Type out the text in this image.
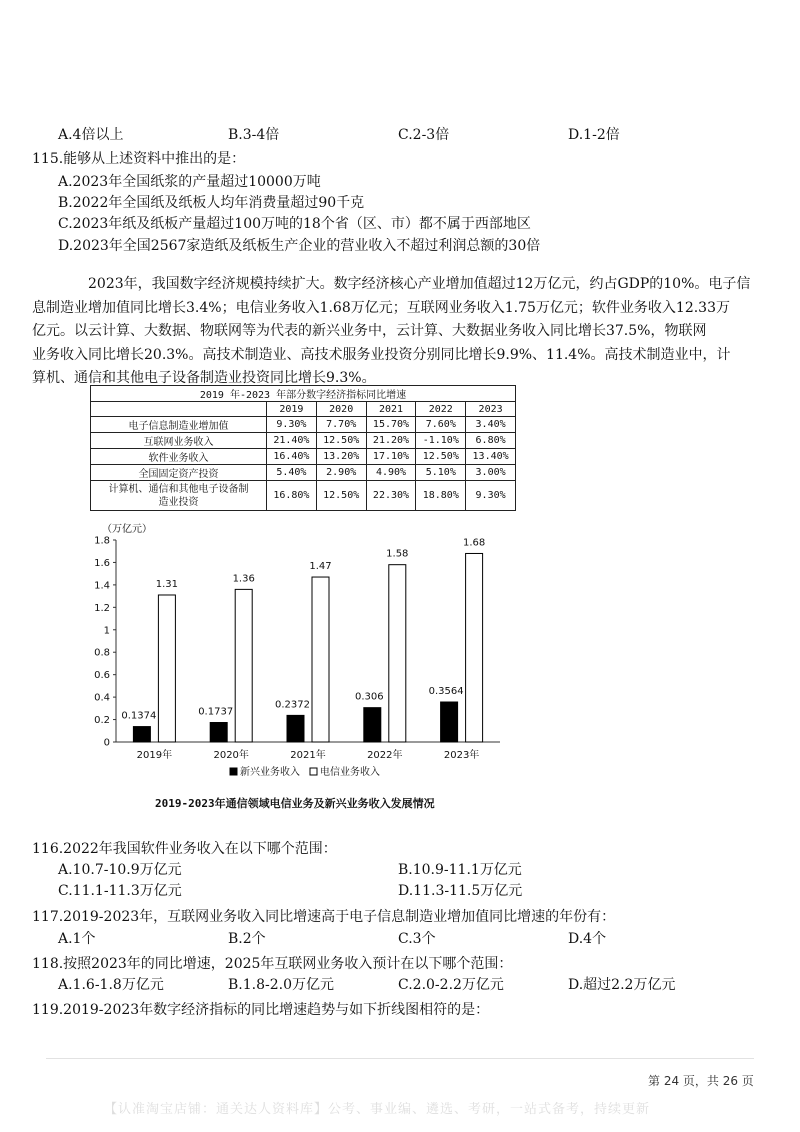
A.4倍以上	B.3-4倍	C.2-3倍	D.1-2倍
115.能够从上述资料中推出的是：
A.2023年全国纸浆的产量超过10000万吨
B.2022年全国纸及纸板人均年消费量超过90千克
C.2023年纸及纸板产量超过100万吨的18个省（区、市）都不属于西部地区
D.2023年全国2567家造纸及纸板生产企业的营业收入不超过利润总额的30倍
2023年，我国数字经济规模持续扩大。数字经济核心产业增加值超过12万亿元，约占GDP的10%。电子信
息制造业增加值同比增长3.4%；电信业务收入1.68万亿元；互联网业务收入1.75万亿元；软件业务收入12.33万
亿元。以云计算、大数据、物联网等为代表的新兴业务中，云计算、大数据业务收入同比增长37.5%，物联网
业务收入同比增长20.3%。高技术制造业、高技术服务业投资分别同比增长9.9%、11.4%。高技术制造业中，计
算机、通信和其他电子设备制造业投资同比增长9.3%。
2019 年-2023 年部分数字经济指标同比增速					
	2019	2020	2021	2022	2023
电子信息制造业增加值	9.30%	7.70%	15.70%	7.60%	3.40%
互联网业务收入	21.40%	12.50%	21.20%	-1.10%	6.80%
软件业务收入	16.40%	13.20%	17.10%	12.50%	13.40%
全国固定资产投资	5.40%	2.90%	4.90%	5.10%	3.00%
计算机、通信和其他电子设备制
造业投资	16.80%	12.50%	22.30%	18.80%	9.30%
（万亿元）
0
0.2
0.4
0.6
0.8
1
1.2
1.4
1.6
1.8
0.1374
1.31
2019年
0.1737
1.36
2020年
0.2372
1.47
2021年
0.306
1.58
2022年
0.3564
1.68
2023年
新兴业务收入 电信业务收入
2019-2023年通信领域电信业务及新兴业务收入发展情况
116.2022年我国软件业务收入在以下哪个范围：
A.10.7-10.9万亿元	B.10.9-11.1万亿元
C.11.1-11.3万亿元	D.11.3-11.5万亿元
117.2019-2023年，互联网业务收入同比增速高于电子信息制造业增加值同比增速的年份有：
A.1个	B.2个	C.3个	D.4个
118.按照2023年的同比增速，2025年互联网业务收入预计在以下哪个范围：
A.1.6-1.8万亿元	B.1.8-2.0万亿元	C.2.0-2.2万亿元	D.超过2.2万亿元
119.2019-2023年数字经济指标的同比增速趋势与如下折线图相符的是：
第 24 页，共 26 页
【认准淘宝店铺：通关达人资料库】公考、事业编、遴选、考研，一站式备考，持续更新
